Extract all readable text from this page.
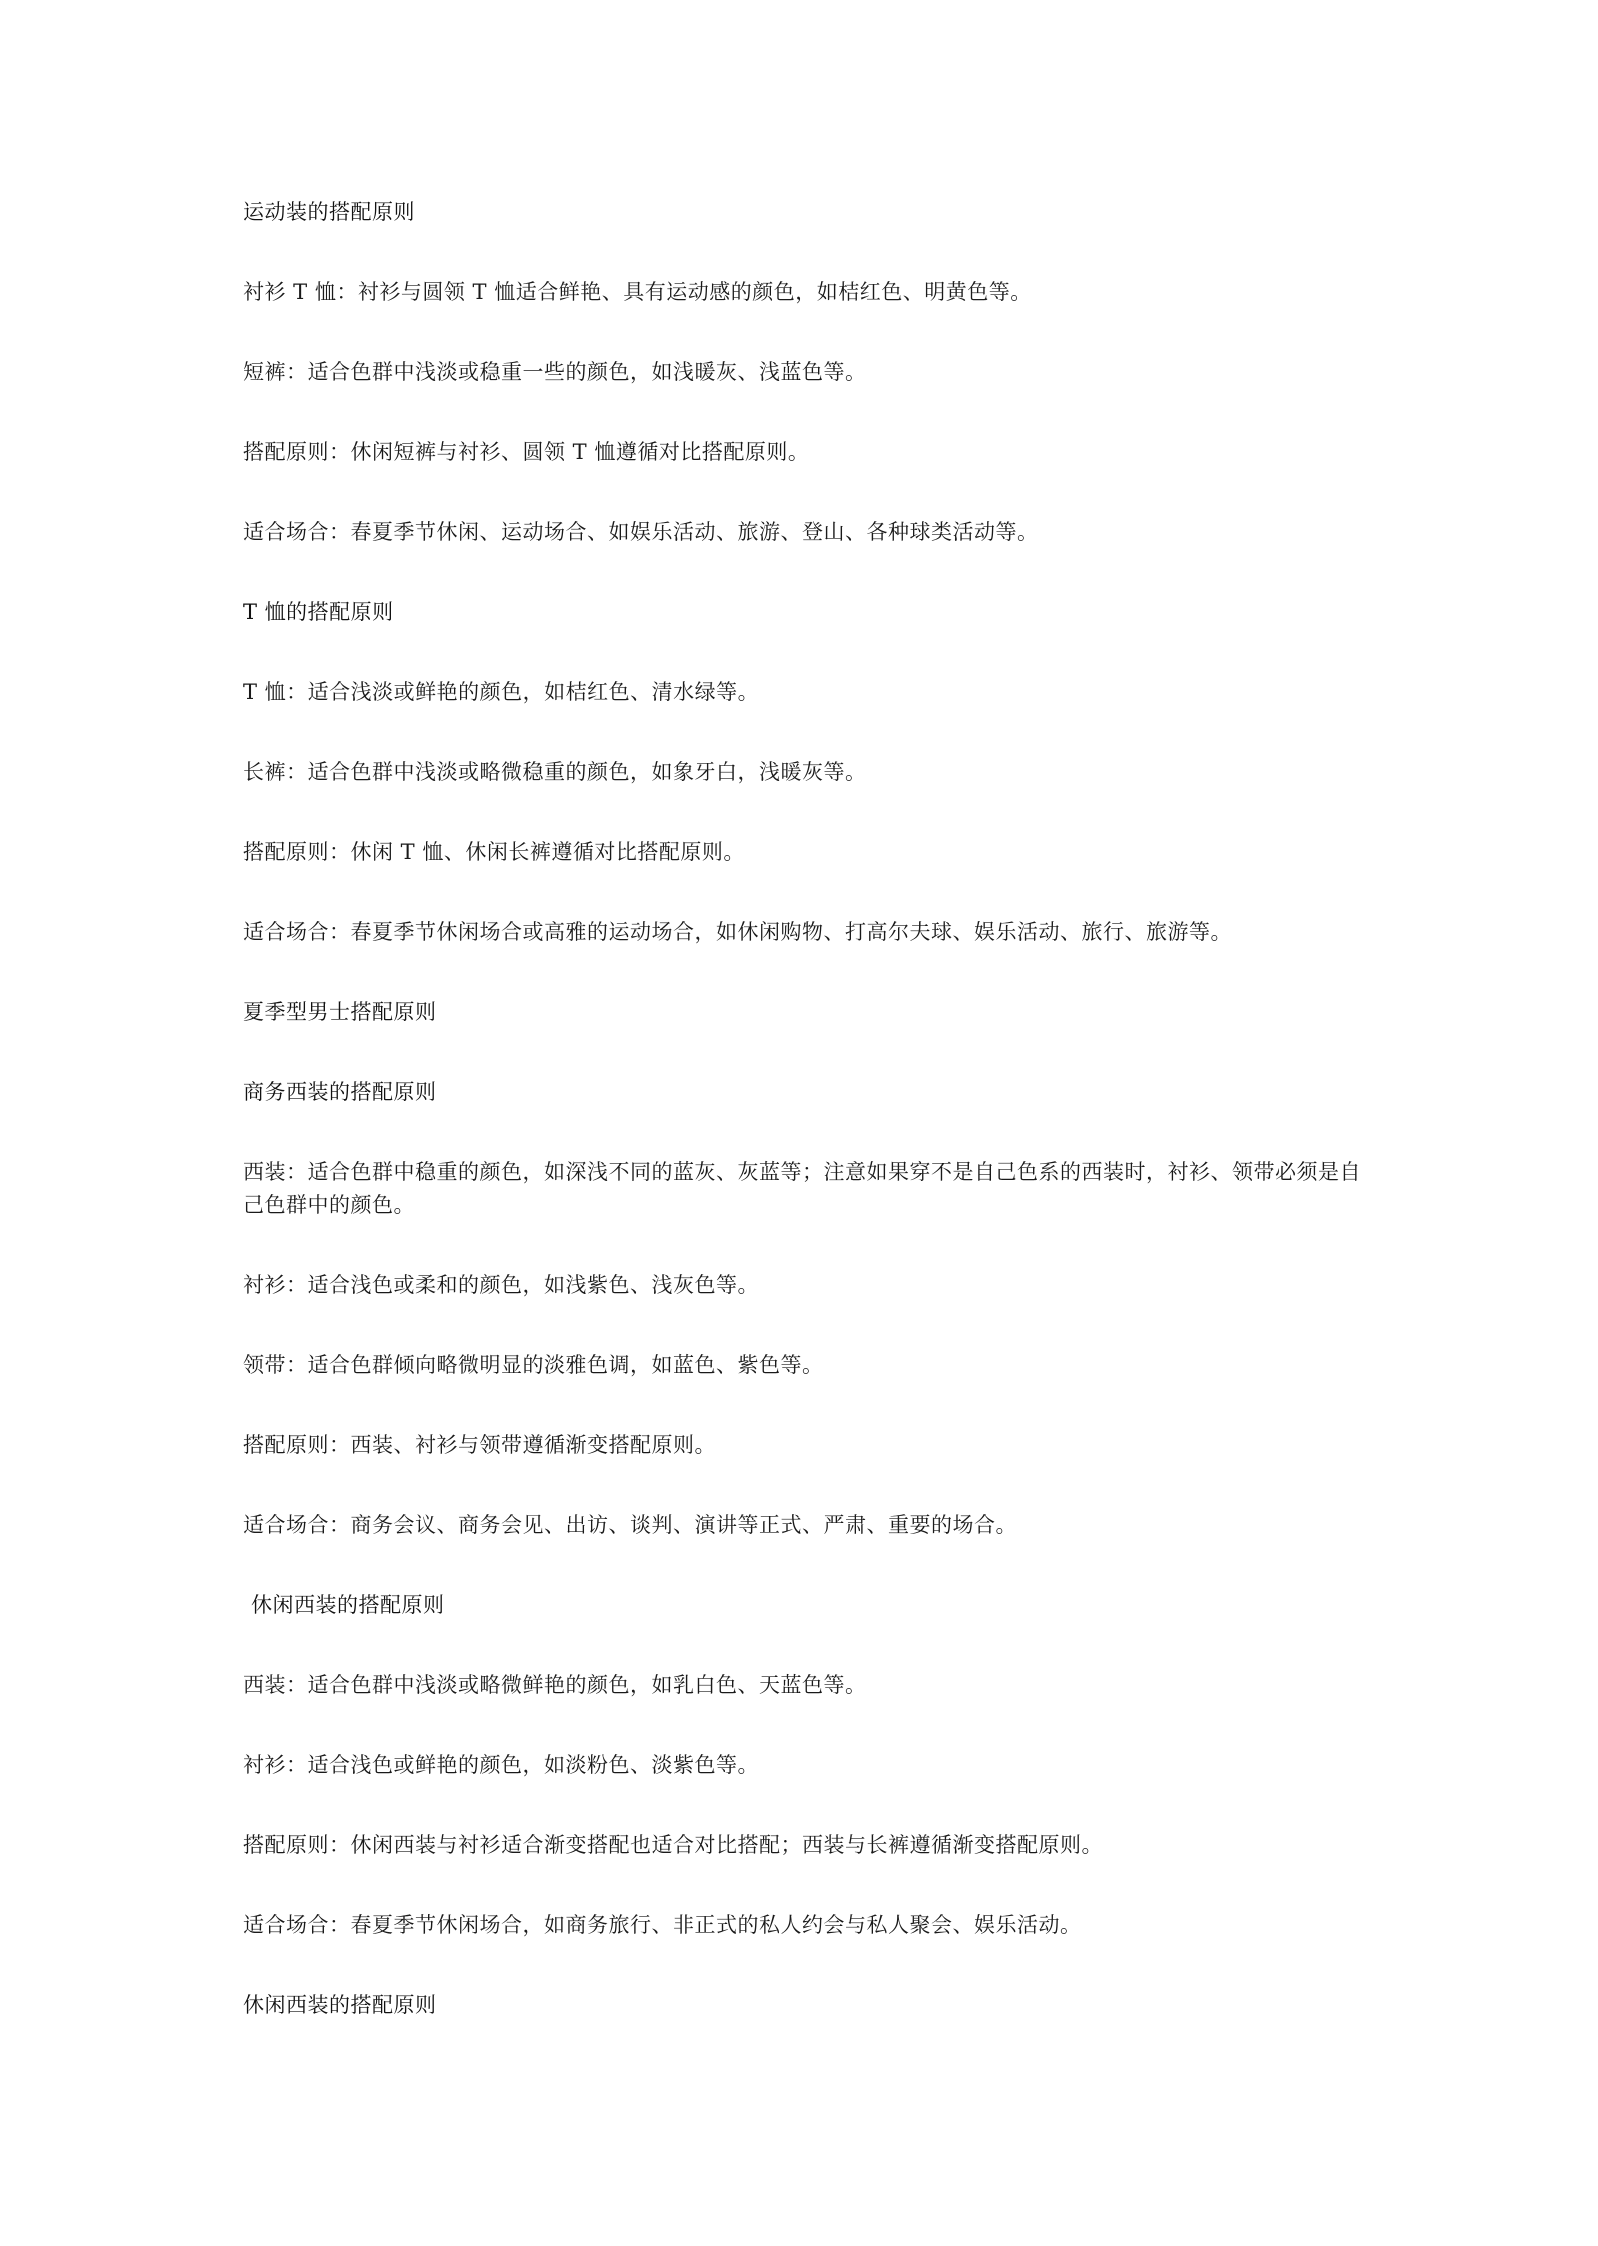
运动装的搭配原则

衬衫 T 恤：衬衫与圆领 T 恤适合鲜艳、具有运动感的颜色，如桔红色、明黄色等。

短裤：适合色群中浅淡或稳重一些的颜色，如浅暖灰、浅蓝色等。

搭配原则：休闲短裤与衬衫、圆领 T 恤遵循对比搭配原则。

适合场合：春夏季节休闲、运动场合、如娱乐活动、旅游、登山、各种球类活动等。

T 恤的搭配原则

T 恤：适合浅淡或鲜艳的颜色，如桔红色、清水绿等。

长裤：适合色群中浅淡或略微稳重的颜色，如象牙白，浅暖灰等。

搭配原则：休闲 T 恤、休闲长裤遵循对比搭配原则。

适合场合：春夏季节休闲场合或高雅的运动场合，如休闲购物、打高尔夫球、娱乐活动、旅行、旅游等。

夏季型男士搭配原则

商务西装的搭配原则

西装：适合色群中稳重的颜色，如深浅不同的蓝灰、灰蓝等；注意如果穿不是自己色系的西装时，衬衫、领带必须是自己色群中的颜色。

衬衫：适合浅色或柔和的颜色，如浅紫色、浅灰色等。

领带：适合色群倾向略微明显的淡雅色调，如蓝色、紫色等。

搭配原则：西装、衬衫与领带遵循渐变搭配原则。

适合场合：商务会议、商务会见、出访、谈判、演讲等正式、严肃、重要的场合。

休闲西装的搭配原则

西装：适合色群中浅淡或略微鲜艳的颜色，如乳白色、天蓝色等。

衬衫：适合浅色或鲜艳的颜色，如淡粉色、淡紫色等。

搭配原则：休闲西装与衬衫适合渐变搭配也适合对比搭配；西装与长裤遵循渐变搭配原则。

适合场合：春夏季节休闲场合，如商务旅行、非正式的私人约会与私人聚会、娱乐活动。

休闲西装的搭配原则
